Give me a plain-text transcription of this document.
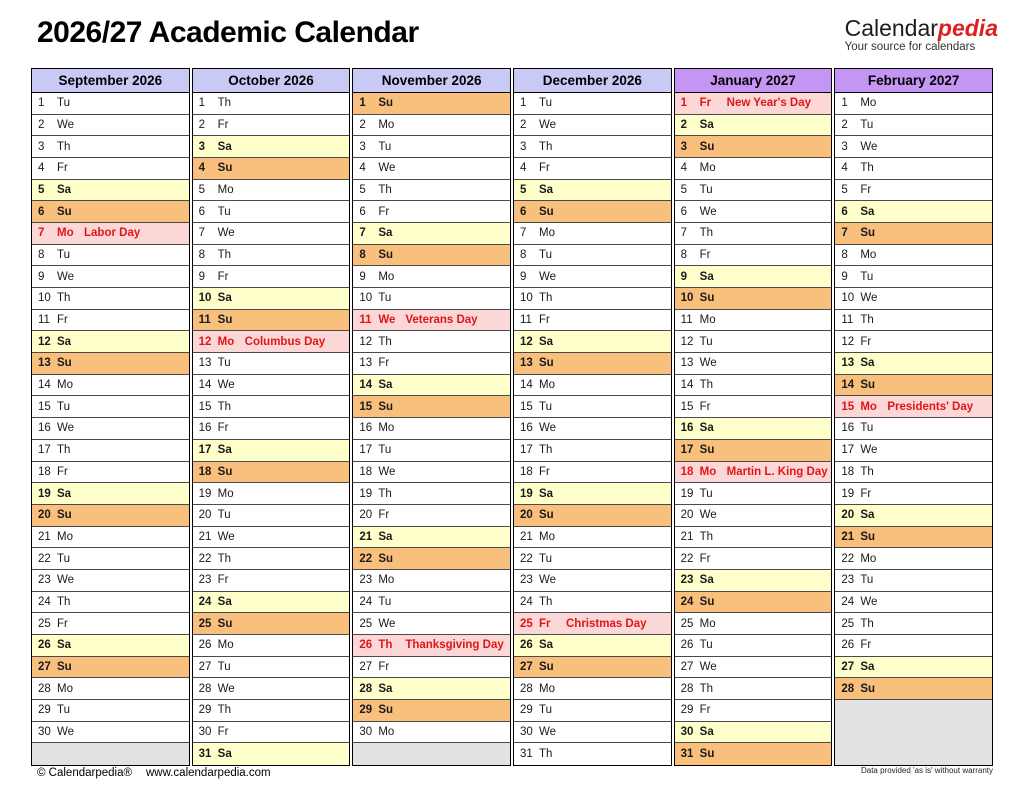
2026/27 Academic Calendar	Calendarpedia
Your source for calendars
September 2026
1	Tu
2	We
3	Th
4	Fr
5	Sa
6	Su
7	Mo Labor Day
8	Tu
9	We
10 Th
11 Fr
12 Sa
13 Su
14 Mo
15 Tu
16 We
17 Th
18 Fr
19 Sa
20 Su
21 Mo
22 Tu
23 We
24 Th
25 Fr
26 Sa
27 Su
28 Mo
29 Tu
30 We
October 2026
1	Th
2	Fr
3	Sa
4	Su
5	Mo
6	Tu
7	We
8	Th
9	Fr
10 Sa
11 Su
12 Mo Columbus Day
13 Tu
14 We
15 Th
16 Fr
17 Sa
18 Su
19 Mo
20 Tu
21 We
22 Th
23 Fr
24 Sa
25 Su
26 Mo
27 Tu
28 We
29 Th
30 Fr
31 Sa
November 2026
1	Su
2	Mo
3	Tu
4	We
5	Th
6	Fr
7	Sa
8	Su
9	Mo
10 Tu
11 We Veterans Day
12 Th
13 Fr
14 Sa
15 Su
16 Mo
17 Tu
18 We
19 Th
20 Fr
21 Sa
22 Su
23 Mo
24 Tu
25 We
26 Th	Thanksgiving Day
27 Fr
28 Sa
29 Su
30 Mo
December 2026
1	Tu
2	We
3	Th
4	Fr
5	Sa
6	Su
7	Mo
8	Tu
9	We
10 Th
11 Fr
12 Sa
13 Su
14 Mo
15 Tu
16 We
17 Th
18 Fr
19 Sa
20 Su
21 Mo
22 Tu
23 We
24 Th
25 Fr	Christmas Day
26 Sa
27 Su
28 Mo
29 Tu
30 We
31 Th
January 2027
1	Fr	New Year's Day
2	Sa
3	Su
4	Mo
5	Tu
6	We
7	Th
8	Fr
9	Sa
10 Su
11 Mo
12 Tu
13 We
14 Th
15 Fr
16 Sa
17 Su
18 Mo Martin L. King Day
19 Tu
20 We
21 Th
22 Fr
23 Sa
24 Su
25 Mo
26 Tu
27 We
28 Th
29 Fr
30 Sa
31 Su
February 2027
1	Mo
2	Tu
3	We
4	Th
5	Fr
6	Sa
7	Su
8	Mo
9	Tu
10 We
11 Th
12 Fr
13 Sa
14 Su
15 Mo Presidents' Day
16 Tu
17 We
18 Th
19 Fr
20 Sa
21 Su
22 Mo
23 Tu
24 We
25 Th
26 Fr
27 Sa
28 Su
© Calendarpedia® www.calendarpedia.com	Data provided 'as is' without warranty
